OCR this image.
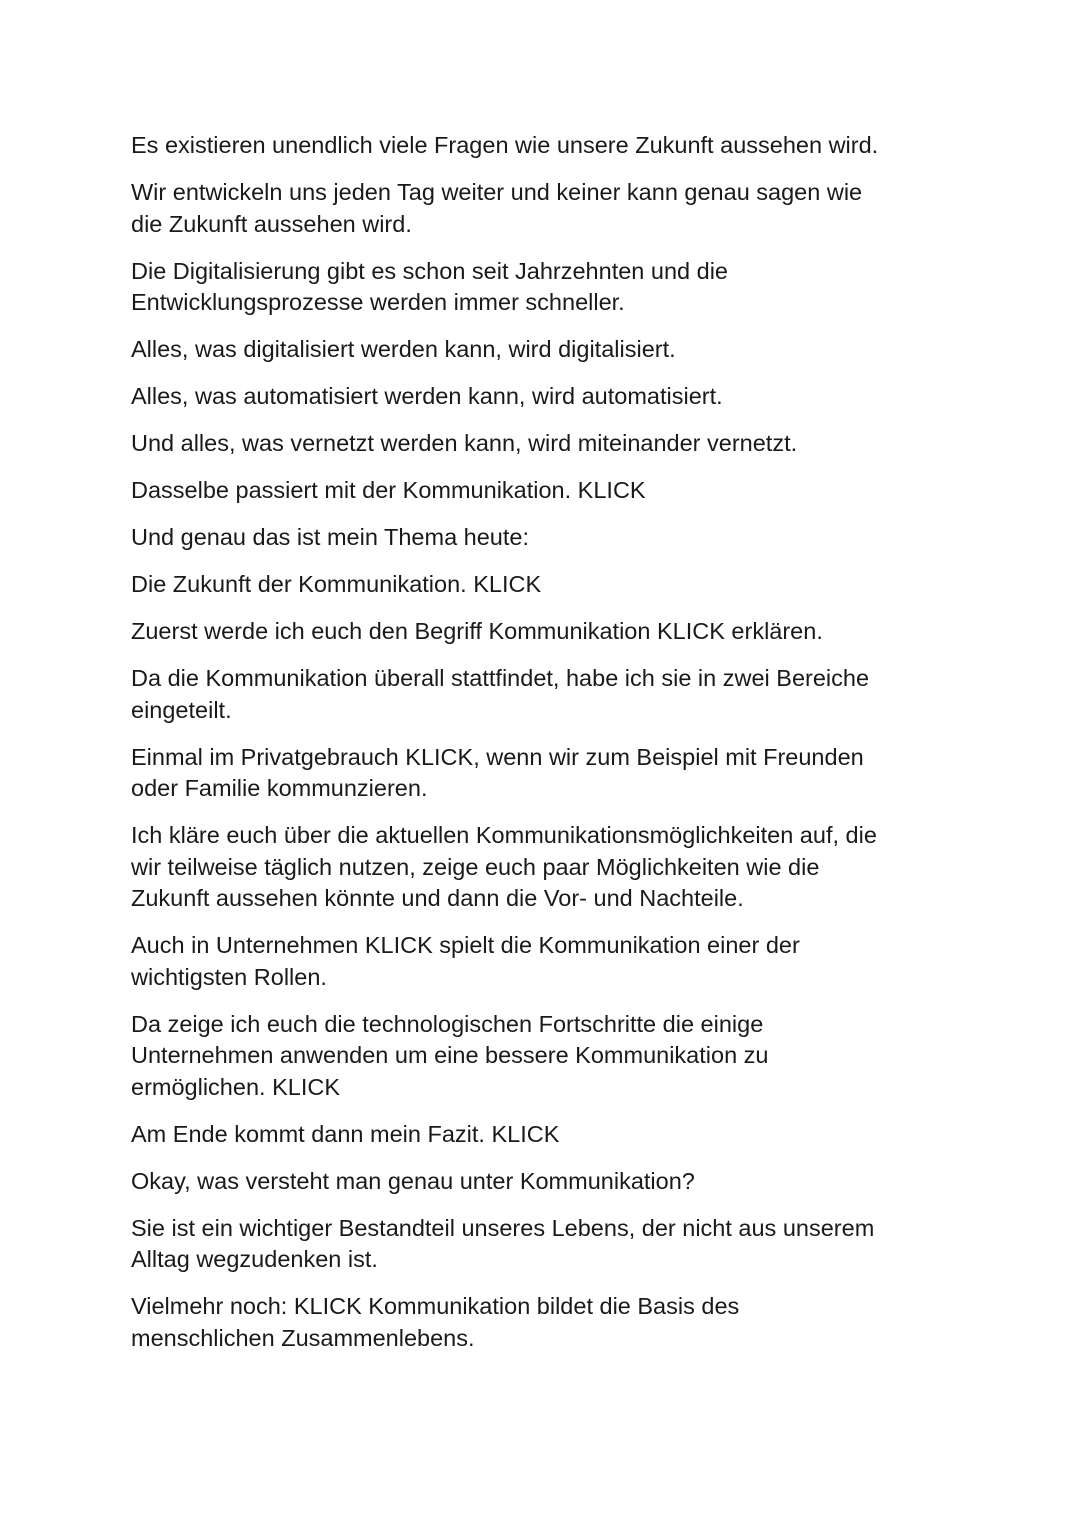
Es existieren unendlich viele Fragen wie unsere Zukunft aussehen wird.

Wir entwickeln uns jeden Tag weiter und keiner kann genau sagen wie
die Zukunft aussehen wird.

Die Digitalisierung gibt es schon seit Jahrzehnten und die
Entwicklungsprozesse werden immer schneller.

Alles, was digitalisiert werden kann, wird digitalisiert.

Alles, was automatisiert werden kann, wird automatisiert.

Und alles, was vernetzt werden kann, wird miteinander vernetzt.

Dasselbe passiert mit der Kommunikation. KLICK

Und genau das ist mein Thema heute:

Die Zukunft der Kommunikation. KLICK

Zuerst werde ich euch den Begriff Kommunikation KLICK erklären.

Da die Kommunikation überall stattfindet, habe ich sie in zwei Bereiche
eingeteilt.

Einmal im Privatgebrauch KLICK, wenn wir zum Beispiel mit Freunden
oder Familie kommunzieren.

Ich kläre euch über die aktuellen Kommunikationsmöglichkeiten auf, die
wir teilweise täglich nutzen, zeige euch paar Möglichkeiten wie die
Zukunft aussehen könnte und dann die Vor- und Nachteile.

Auch in Unternehmen KLICK spielt die Kommunikation einer der
wichtigsten Rollen.

Da zeige ich euch die technologischen Fortschritte die einige
Unternehmen anwenden um eine bessere Kommunikation zu
ermöglichen. KLICK

Am Ende kommt dann mein Fazit. KLICK

Okay, was versteht man genau unter Kommunikation?

Sie ist ein wichtiger Bestandteil unseres Lebens, der nicht aus unserem
Alltag wegzudenken ist.

Vielmehr noch: KLICK Kommunikation bildet die Basis des
menschlichen Zusammenlebens.
